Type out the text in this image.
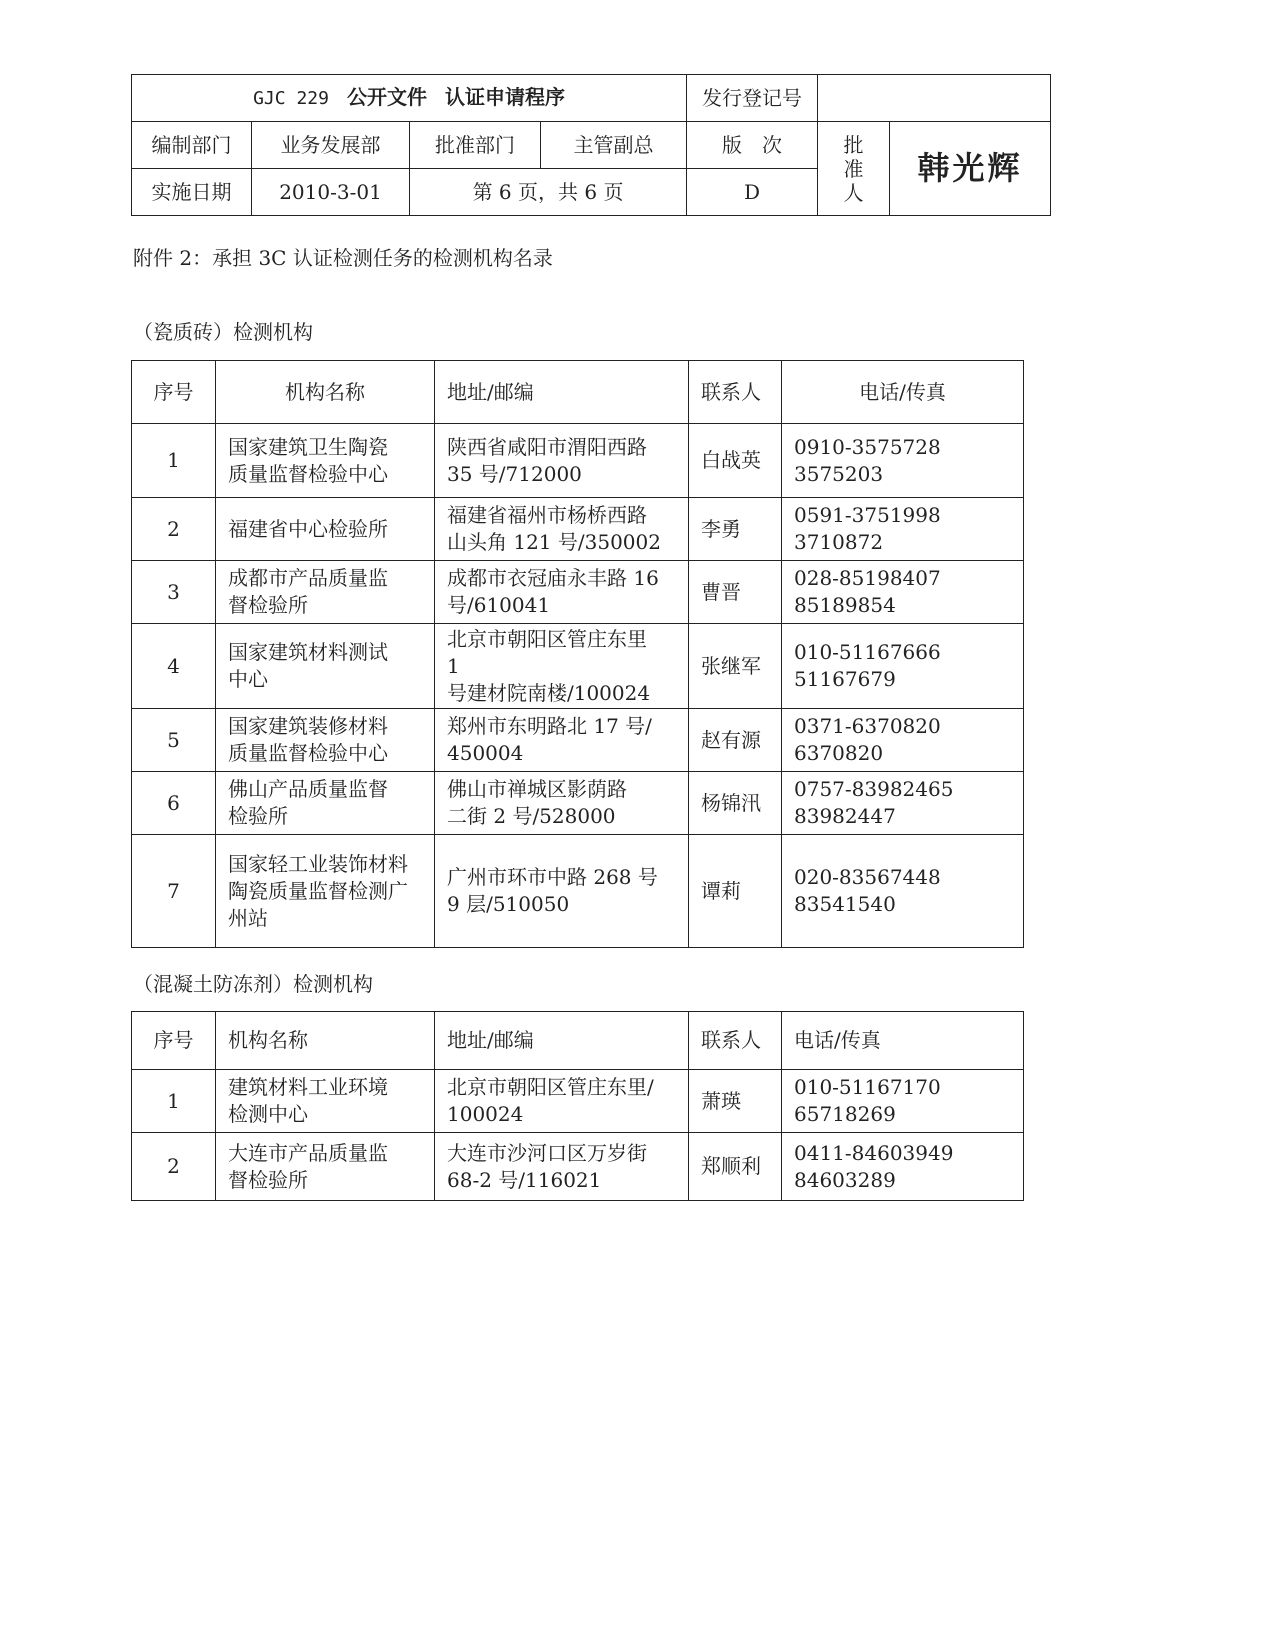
GJC 229 公开文件 认证申请程序				发行登记号		
编制部门	业务发展部	批准部门	主管副总	版　次	批
准
人	韩光辉
实施日期	2010-3-01	第 6 页，共 6 页		D		
附件 2：承担 3C 认证检测任务的检测机构名录
（瓷质砖）检测机构
序号	机构名称	地址/邮编	联系人	电话/传真
1	国家建筑卫生陶瓷
质量监督检验中心	陕西省咸阳市渭阳西路
35 号/712000	白战英	0910-3575728
3575203

2	福建省中心检验所	福建省福州市杨桥西路
山头角 121 号/350002	李勇	0591-3751998
3710872

3	成都市产品质量监
督检验所	成都市衣冠庙永丰路 16
号/610041	曹晋	028-85198407
85189854

4	国家建筑材料测试
中心	北京市朝阳区管庄东里
1
号建材院南楼/100024	张继军	010-51167666
51167679

5	国家建筑装修材料
质量监督检验中心	郑州市东明路北 17 号/
450004	赵有源	0371-6370820
6370820

6	佛山产品质量监督
检验所	佛山市禅城区影荫路
二街 2 号/528000	杨锦汛	0757-83982465
83982447

7	国家轻工业装饰材料
陶瓷质量监督检测广
州站	广州市环市中路 268 号
9 层/510050	谭莉	020-83567448
83541540
（混凝土防冻剂）检测机构
序号	机构名称	地址/邮编	联系人	电话/传真
1	建筑材料工业环境
检测中心	北京市朝阳区管庄东里/
100024	萧瑛	010-51167170
65718269

2	大连市产品质量监
督检验所	大连市沙河口区万岁街
68-2 号/116021	郑顺利	0411-84603949
84603289
